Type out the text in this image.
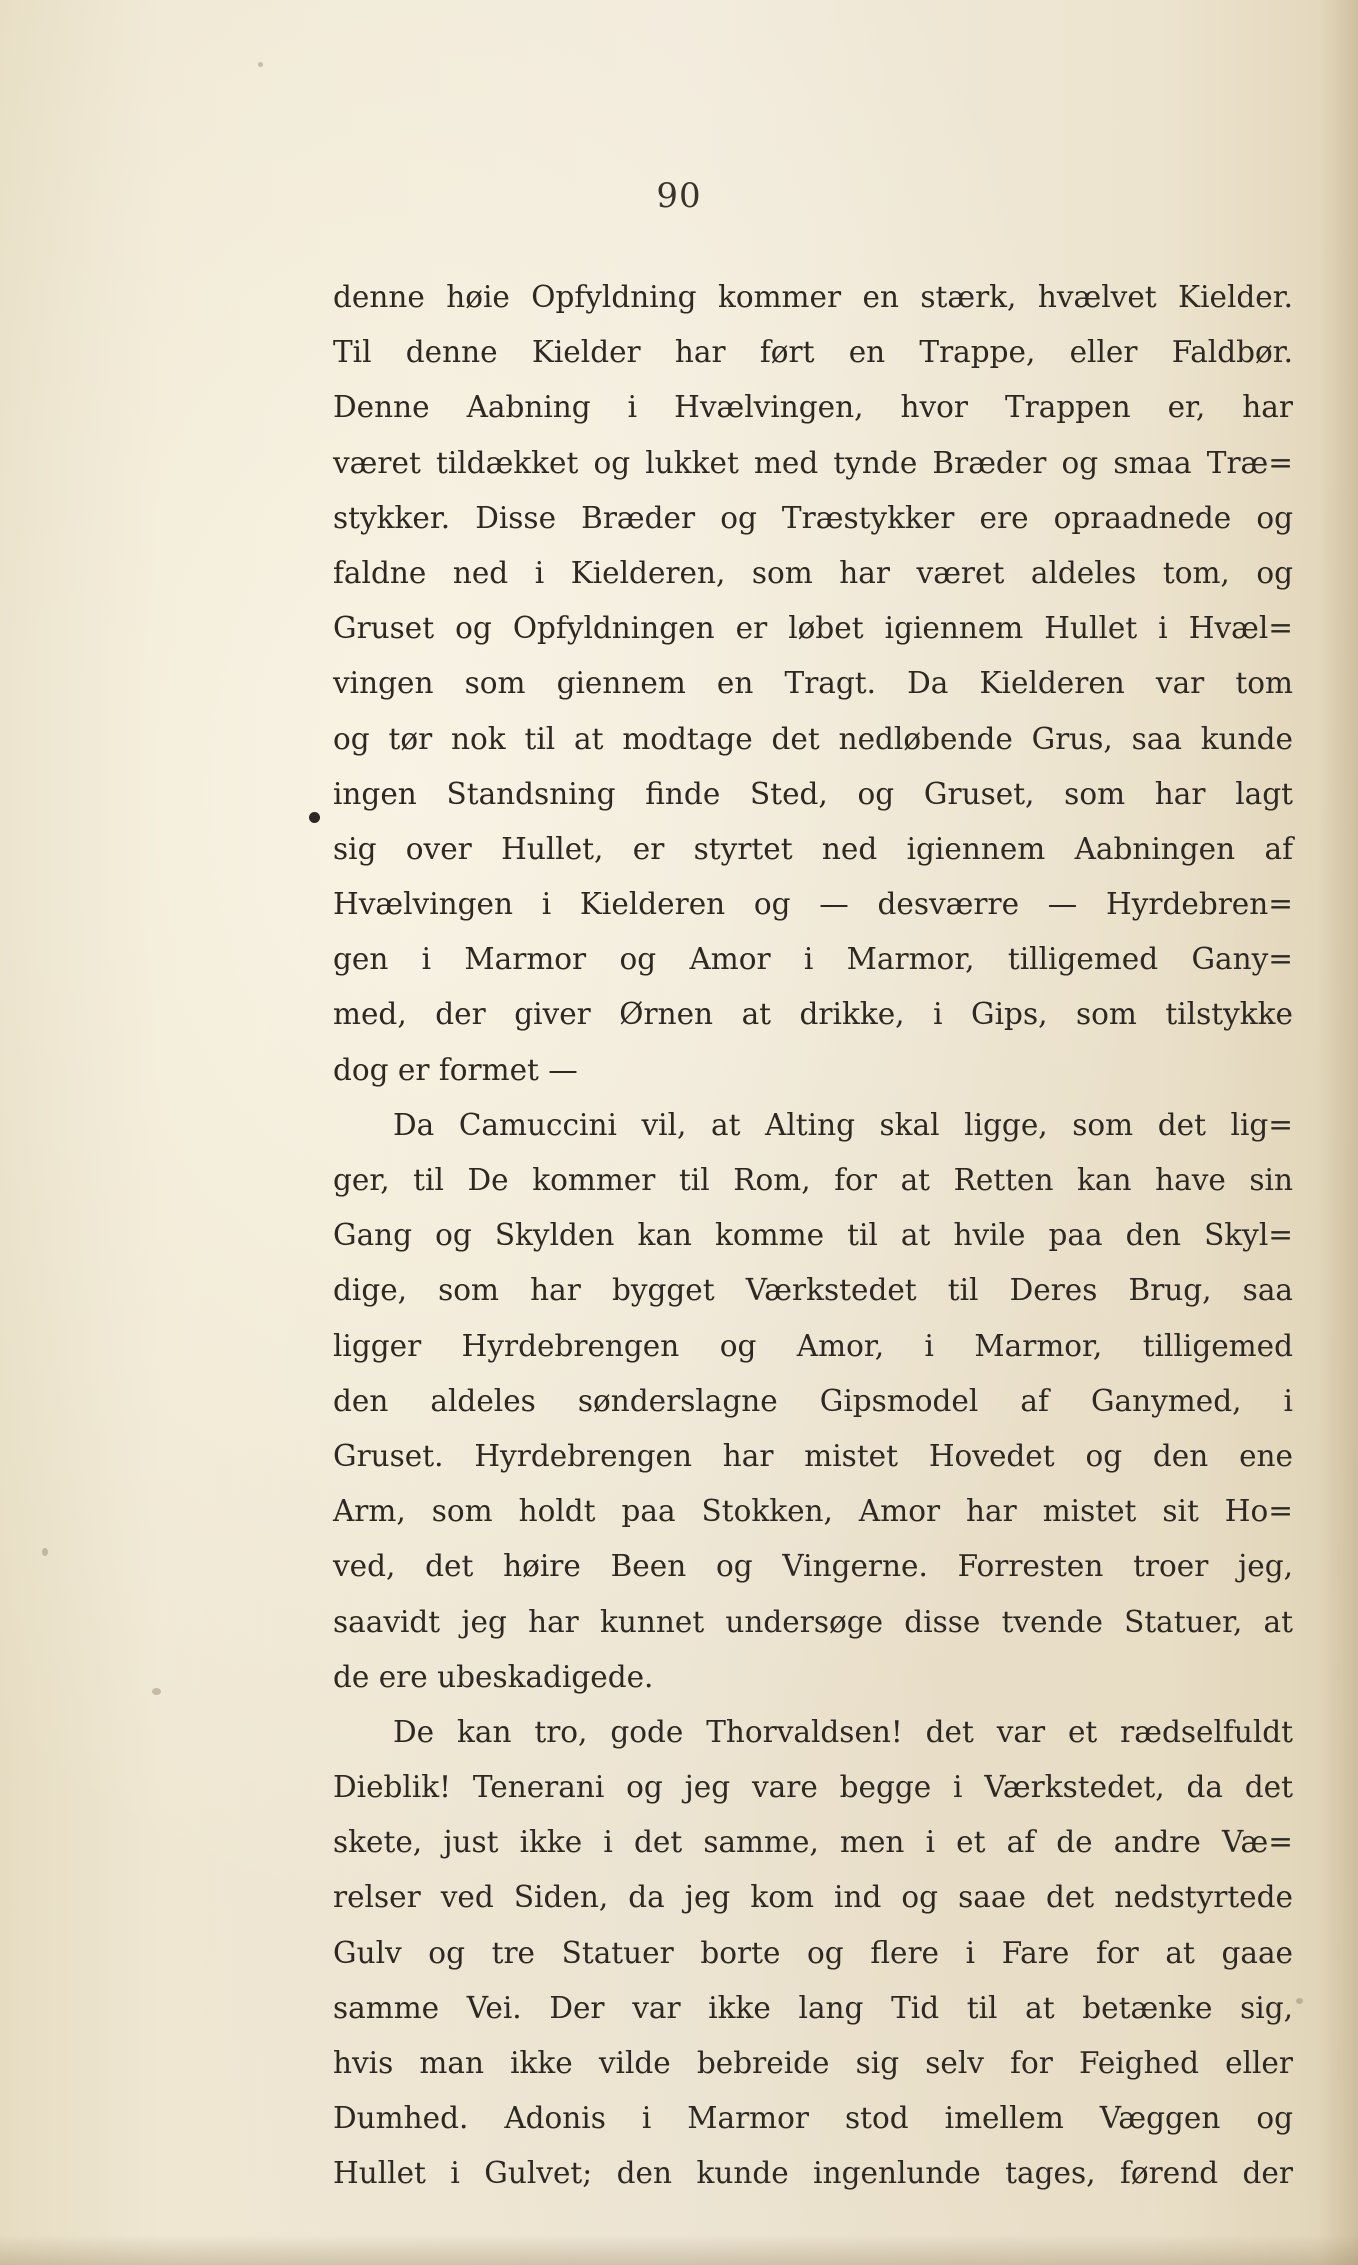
90
denne høie Opfyldning kommer en stærk, hvælvet Kielder.
Til denne Kielder har ført en Trappe, eller Faldbør.
Denne Aabning i Hvælvingen, hvor Trappen er, har
været tildækket og lukket med tynde Bræder og smaa Træ=
stykker. Disse Bræder og Træstykker ere opraadnede og
faldne ned i Kielderen, som har været aldeles tom, og
Gruset og Opfyldningen er løbet igiennem Hullet i Hvæl=
vingen som giennem en Tragt. Da Kielderen var tom
og tør nok til at modtage det nedløbende Grus, saa kunde
ingen Standsning finde Sted, og Gruset, som har lagt
sig over Hullet, er styrtet ned igiennem Aabningen af
Hvælvingen i Kielderen og — desværre — Hyrdebren=
gen i Marmor og Amor i Marmor, tilligemed Gany=
med, der giver Ørnen at drikke, i Gips, som tilstykke
dog er formet —
Da Camuccini vil, at Alting skal ligge, som det lig=
ger, til De kommer til Rom, for at Retten kan have sin
Gang og Skylden kan komme til at hvile paa den Skyl=
dige, som har bygget Værkstedet til Deres Brug, saa
ligger Hyrdebrengen og Amor, i Marmor, tilligemed
den aldeles sønderslagne Gipsmodel af Ganymed, i
Gruset. Hyrdebrengen har mistet Hovedet og den ene
Arm, som holdt paa Stokken, Amor har mistet sit Ho=
ved, det høire Been og Vingerne. Forresten troer jeg,
saavidt jeg har kunnet undersøge disse tvende Statuer, at
de ere ubeskadigede.
De kan tro, gode Thorvaldsen! det var et rædselfuldt
Dieblik! Tenerani og jeg vare begge i Værkstedet, da det
skete, just ikke i det samme, men i et af de andre Væ=
relser ved Siden, da jeg kom ind og saae det nedstyrtede
Gulv og tre Statuer borte og flere i Fare for at gaae
samme Vei. Der var ikke lang Tid til at betænke sig,
hvis man ikke vilde bebreide sig selv for Feighed eller
Dumhed. Adonis i Marmor stod imellem Væggen og
Hullet i Gulvet; den kunde ingenlunde tages, førend der
